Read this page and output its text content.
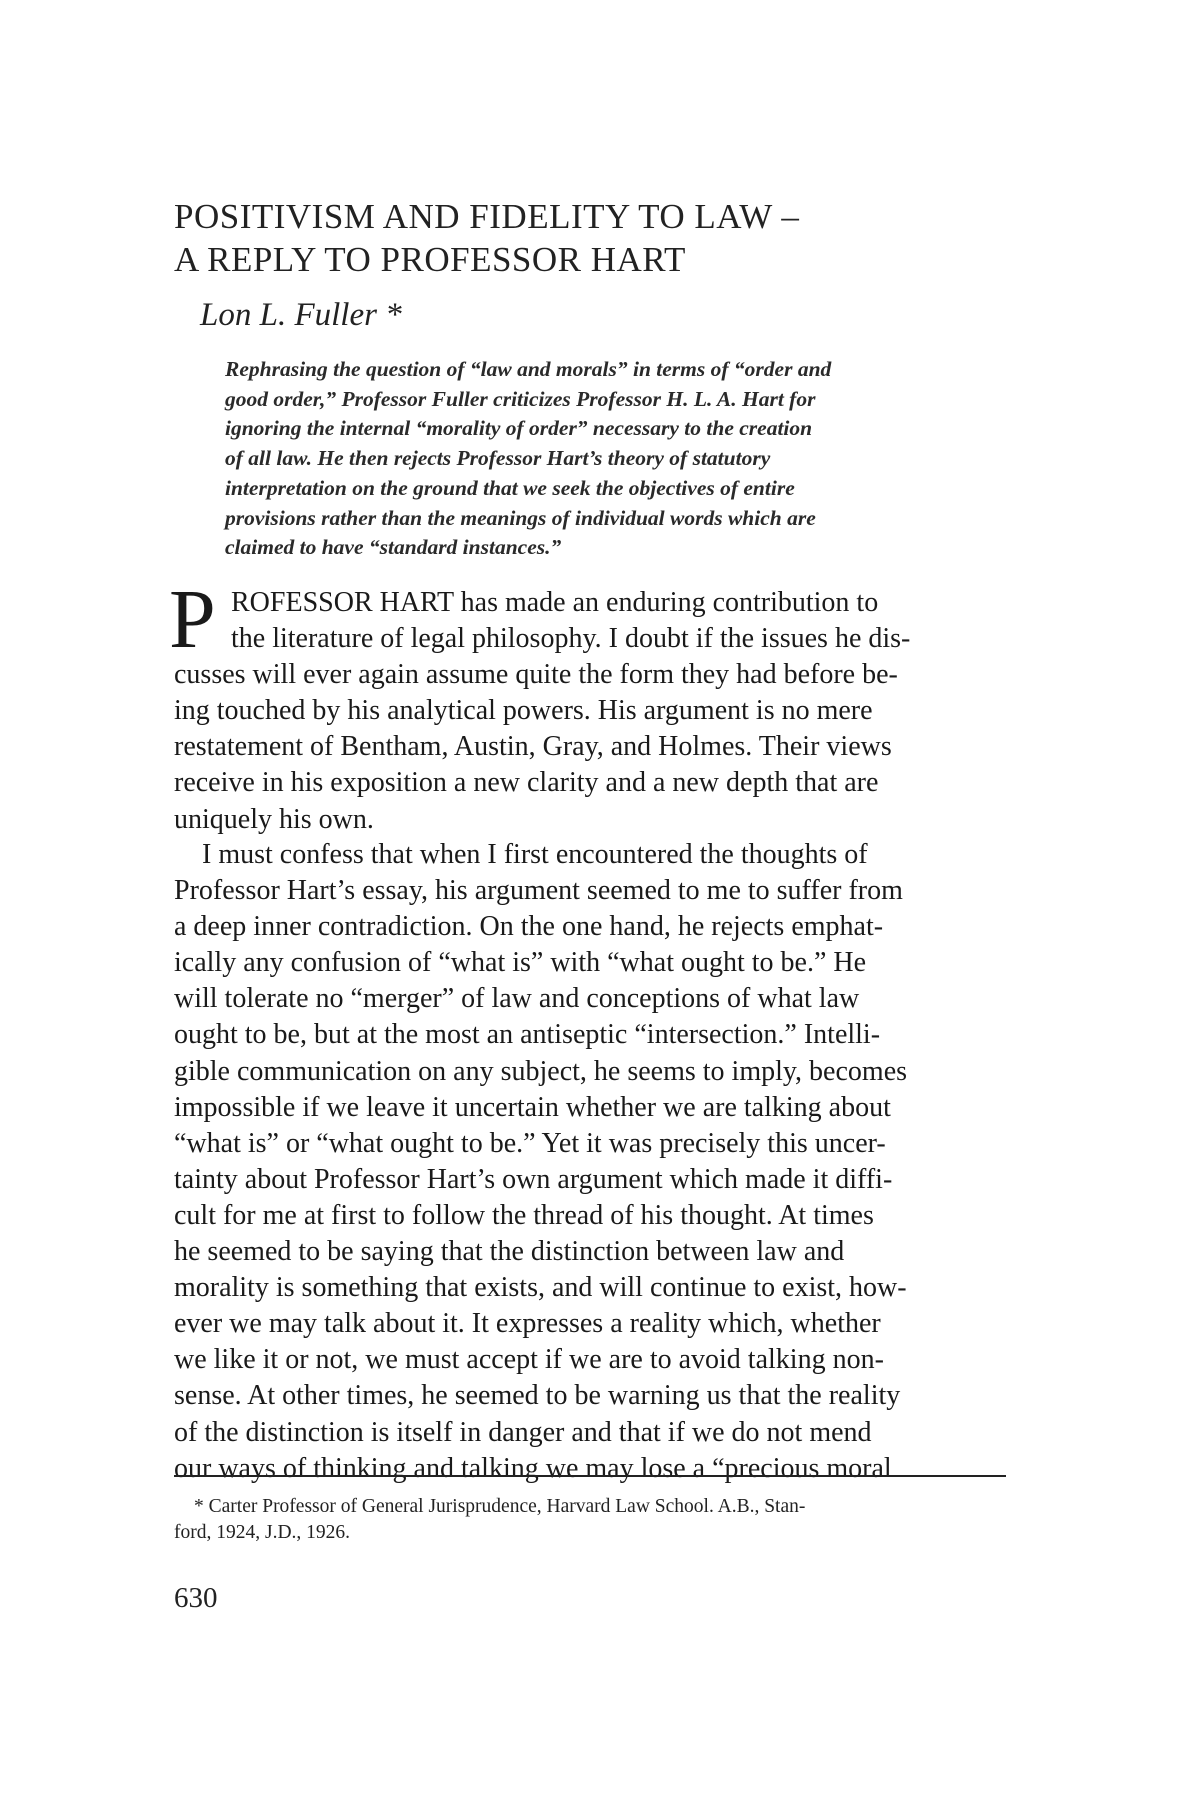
POSITIVISM AND FIDELITY TO LAW –
A REPLY TO PROFESSOR HART
Lon L. Fuller *

Rephrasing the question of “law and morals” in terms of “order and
good order,” Professor Fuller criticizes Professor H. L. A. Hart for
ignoring the internal “morality of order” necessary to the creation
of all law. He then rejects Professor Hart’s theory of statutory
interpretation on the ground that we seek the objectives of entire
provisions rather than the meanings of individual words which are
claimed to have “standard instances.”

P ROFESSOR HART has made an enduring contribution to
the literature of legal philosophy. I doubt if the issues he dis-
cusses will ever again assume quite the form they had before be-
ing touched by his analytical powers. His argument is no mere
restatement of Bentham, Austin, Gray, and Holmes. Their views
receive in his exposition a new clarity and a new depth that are
uniquely his own.

I must confess that when I first encountered the thoughts of
Professor Hart’s essay, his argument seemed to me to suffer from
a deep inner contradiction. On the one hand, he rejects emphat-
ically any confusion of “what is” with “what ought to be.” He
will tolerate no “merger” of law and conceptions of what law
ought to be, but at the most an antiseptic “intersection.” Intelli-
gible communication on any subject, he seems to imply, becomes
impossible if we leave it uncertain whether we are talking about
“what is” or “what ought to be.” Yet it was precisely this uncer-
tainty about Professor Hart’s own argument which made it diffi-
cult for me at first to follow the thread of his thought. At times
he seemed to be saying that the distinction between law and
morality is something that exists, and will continue to exist, how-
ever we may talk about it. It expresses a reality which, whether
we like it or not, we must accept if we are to avoid talking non-
sense. At other times, he seemed to be warning us that the reality
of the distinction is itself in danger and that if we do not mend
our ways of thinking and talking we may lose a “precious moral

* Carter Professor of General Jurisprudence, Harvard Law School. A.B., Stan-
ford, 1924, J.D., 1926.

630
